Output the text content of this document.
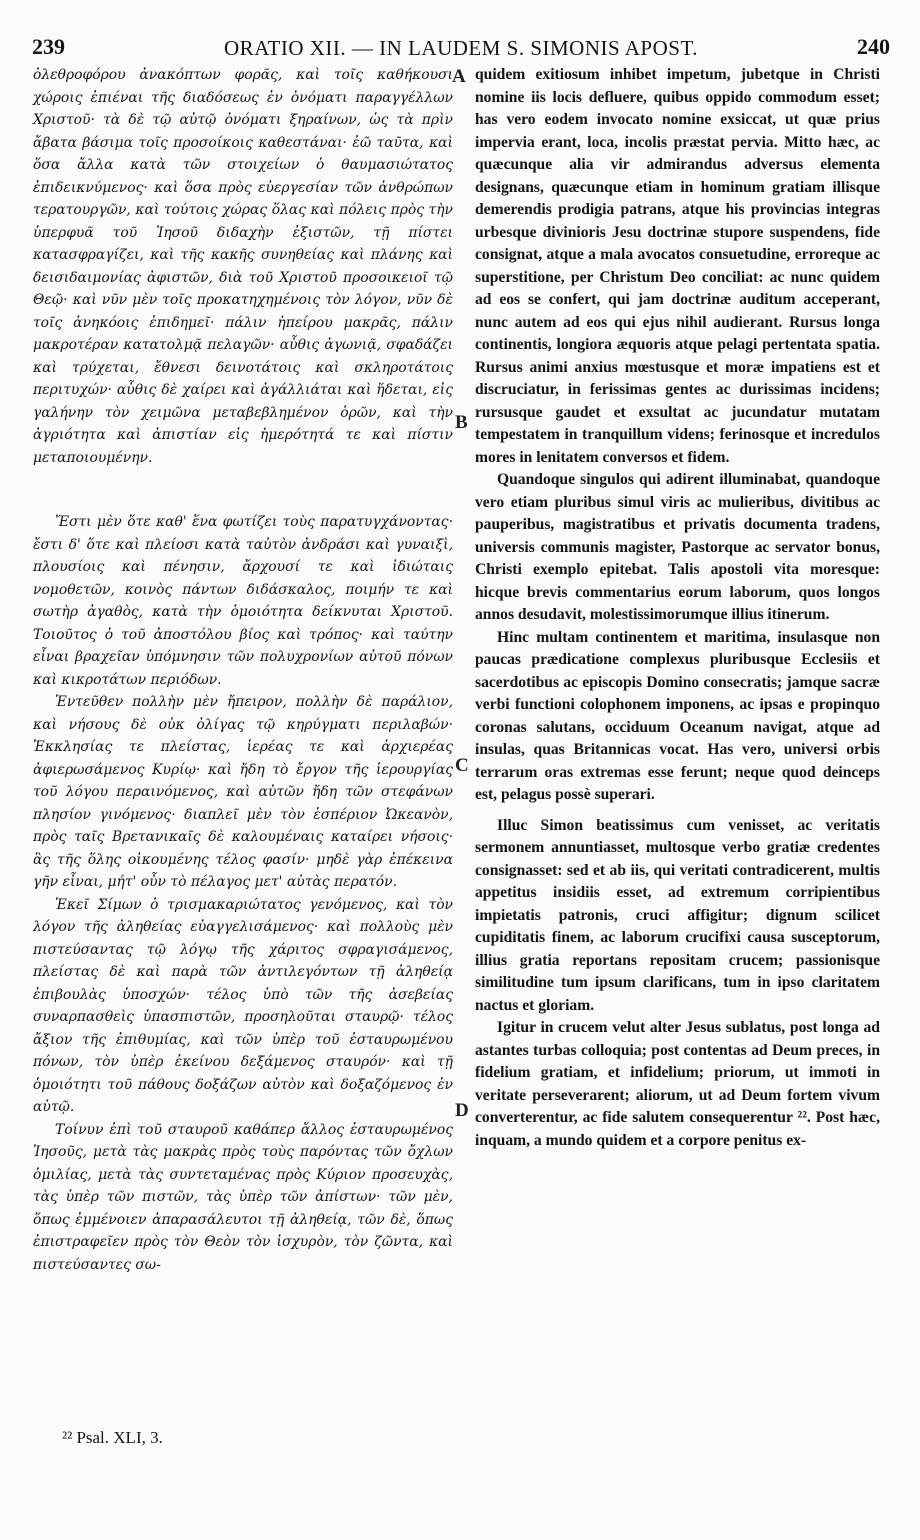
239	ORATIO XII. — IN LAUDEM S. SIMONIS APOST.	240

ὀλεθροφόρου ἀνακόπτων φορᾶς, καὶ τοῖς καθήκουσι χώροις ἐπιέναι τῆς διαδόσεως ἐν ὀνόματι παραγγέλλων Χριστοῦ· τὰ δὲ τῷ αὐτῷ ὀνόματι ξηραίνων, ὡς τὰ πρὶν ἄβατα βάσιμα τοῖς προσοίκοις καθεστάναι· ἐῶ ταῦτα, καὶ ὅσα ἄλλα κατὰ τῶν στοιχείων ὁ θαυμασιώτατος ἐπιδεικνύμενος· καὶ ὅσα πρὸς εὐεργεσίαν τῶν ἀνθρώπων τερατουργῶν, καὶ τούτοις χώρας ὅλας καὶ πόλεις πρὸς τὴν ὑπερφυᾶ τοῦ Ἰησοῦ διδαχὴν ἐξιστῶν, τῇ πίστει κατασφραγίζει, καὶ τῆς κακῆς συνηθείας καὶ πλάνης καὶ δεισιδαιμονίας ἀφιστῶν, διὰ τοῦ Χριστοῦ προσοικειοῖ τῷ Θεῷ· καὶ νῦν μὲν τοῖς προκατηχημένοις τὸν λόγον, νῦν δὲ τοῖς ἀνηκόοις ἐπιδημεῖ· πάλιν ἠπείρου μακρᾶς, πάλιν μακροτέραν κατατολμᾷ πελαγῶν· αὖθις ἀγωνιᾷ, σφαδάζει καὶ τρύχεται, ἔθνεσι δεινοτάτοις καὶ σκληροτάτοις περιτυχών· αὖθις δὲ χαίρει καὶ ἀγάλλιάται καὶ ἥδεται, εἰς γαλήνην τὸν χειμῶνα μεταβεβλημένον ὁρῶν, καὶ τὴν ἀγριότητα καὶ ἀπιστίαν εἰς ἡμερότητά τε καὶ πίστιν μεταποιουμένην.

Ἔστι μὲν ὅτε καθ' ἕνα φωτίζει τοὺς παρατυγχάνοντας· ἔστι δ' ὅτε καὶ πλείοσι κατὰ ταὐτὸν ἀνδράσι καὶ γυναιξὶ, πλουσίοις καὶ πένησιν, ἄρχουσί τε καὶ ἰδιώταις νομοθετῶν, κοινὸς πάντων διδάσκαλος, ποιμήν τε καὶ σωτὴρ ἀγαθὸς, κατὰ τὴν ὁμοιότητα δείκνυται Χριστοῦ. Τοιοῦτος ὁ τοῦ ἀποστόλου βίος καὶ τρόπος· καὶ ταύτην εἶναι βραχεῖαν ὑπόμνησιν τῶν πολυχρονίων αὐτοῦ πόνων καὶ κικροτάτων περιόδων.

Ἐντεῦθεν πολλὴν μὲν ἤπειρον, πολλὴν δὲ παράλιον, καὶ νήσους δὲ οὐκ ὀλίγας τῷ κηρύγματι περιλαβών· Ἐκκλησίας τε πλείστας, ἱερέας τε καὶ ἀρχιερέας ἀφιερωσάμενος Κυρίῳ· καὶ ἤδη τὸ ἔργον τῆς ἱερουργίας τοῦ λόγου περαινόμενος, καὶ αὐτῶν ἤδη τῶν στεφάνων πλησίον γινόμενος· διαπλεῖ μὲν τὸν ἑσπέριον Ὠκεανὸν, πρὸς ταῖς Βρετανικαῖς δὲ καλουμέναις καταίρει νήσοις· ἃς τῆς ὅλης οἰκουμένης τέλος φασίν· μηδὲ γὰρ ἐπέκεινα γῆν εἶναι, μήτ' οὖν τὸ πέλαγος μετ' αὐτὰς περατόν.

Ἐκεῖ Σίμων ὁ τρισμακαριώτατος γενόμενος, καὶ τὸν λόγον τῆς ἀληθείας εὐαγγελισάμενος· καὶ πολλοὺς μὲν πιστεύσαντας τῷ λόγῳ τῆς χάριτος σφραγισάμενος, πλείστας δὲ καὶ παρὰ τῶν ἀντιλεγόντων τῇ ἀληθείᾳ ἐπιβουλὰς ὑποσχών· τέλος ὑπὸ τῶν τῆς ἀσεβείας συναρπασθεὶς ὑπασπιστῶν, προσηλοῦται σταυρῷ· τέλος ἄξιον τῆς ἐπιθυμίας, καὶ τῶν ὑπὲρ τοῦ ἐσταυρωμένου πόνων, τὸν ὑπὲρ ἐκείνου δεξάμενος σταυρόν· καὶ τῇ ὁμοιότητι τοῦ πάθους δοξάζων αὐτὸν καὶ δοξαζόμενος ἐν αὐτῷ.

Τοίνυν ἐπὶ τοῦ σταυροῦ καθάπερ ἄλλος ἐσταυρωμένος Ἰησοῦς, μετὰ τὰς μακρὰς πρὸς τοὺς παρόντας τῶν ὄχλων ὁμιλίας, μετὰ τὰς συντεταμένας πρὸς Κύριον προσευχὰς, τὰς ὑπὲρ τῶν πιστῶν, τὰς ὑπὲρ τῶν ἀπίστων· τῶν μὲν, ὅπως ἐμμένοιεν ἀπαρασάλευτοι τῇ ἀληθείᾳ, τῶν δὲ, ὅπως ἐπιστραφεῖεν πρὸς τὸν Θεὸν τὸν ἰσχυρὸν, τὸν ζῶντα, καὶ πιστεύσαντες σω-

quidem exitiosum inhibet impetum, jubetque in Christi nomine iis locis defluere, quibus oppido commodum esset; has vero eodem invocato nomine exsiccat, ut quæ prius impervia erant, loca, incolis præstat pervia. Mitto hæc, ac quæcunque alia vir admirandus adversus elementa designans, quæcunque etiam in hominum gratiam illisque demerendis prodigia patrans, atque his provincias integras urbesque divinioris Jesu doctrinæ stupore suspendens, fide consignat, atque a mala avocatos consuetudine, erroreque ac superstitione, per Christum Deo conciliat: ac nunc quidem ad eos se confert, qui jam doctrinæ auditum acceperant, nunc autem ad eos qui ejus nihil audierant. Rursus longa continentis, longiora æquoris atque pelagi pertentata spatia. Rursus animi anxius mœstusque et moræ impatiens est et discruciatur, in ferissimas gentes ac durissimas incidens; rursusque gaudet et exsultat ac jucundatur mutatam tempestatem in tranquillum videns; ferinosque et incredulos mores in lenitatem conversos et fidem.

Quandoque singulos qui adirent illuminabat, quandoque vero etiam pluribus simul viris ac mulieribus, divitibus ac pauperibus, magistratibus et privatis documenta tradens, universis communis magister, Pastorque ac servator bonus, Christi exemplo epitebat. Talis apostoli vita moresque: hicque brevis commentarius eorum laborum, quos longos annos desudavit, molestissimorumque illius itinerum.

Hinc multam continentem et maritima, insulasque non paucas prædicatione complexus pluribusque Ecclesiis et sacerdotibus ac episcopis Domino consecratis; jamque sacræ verbi functioni colophonem imponens, ac ipsas e propinquo coronas salutans, occiduum Oceanum navigat, atque ad insulas, quas Britannicas vocat. Has vero, universi orbis terrarum oras extremas esse ferunt; neque quod deinceps est, pelagus possè superari.

Illuc Simon beatissimus cum venisset, ac veritatis sermonem annuntiasset, multosque verbo gratiæ credentes consignasset: sed et ab iis, qui veritati contradicerent, multis appetitus insidiis esset, ad extremum corripientibus impietatis patronis, cruci affigitur; dignum scilicet cupiditatis finem, ac laborum crucifixi causa susceptorum, illius gratia reportans repositam crucem; passionisque similitudine tum ipsum clarificans, tum in ipso claritatem nactus et gloriam.

Igitur in crucem velut alter Jesus sublatus, post longa ad astantes turbas colloquia; post contentas ad Deum preces, in fidelium gratiam, et infidelium; priorum, ut immoti in veritate perseverarent; aliorum, ut ad Deum fortem vivum converterentur, ac fide salutem consequerentur ²². Post hæc, inquam, a mundo quidem et a corpore penitus ex-

A
B
C
D
²² Psal. XLI, 3.
